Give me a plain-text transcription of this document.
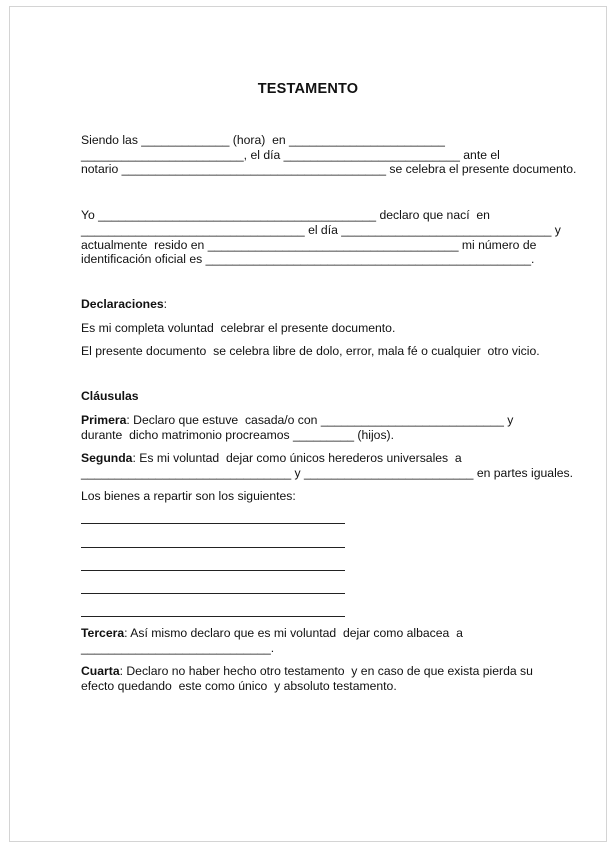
TESTAMENTO
Siendo las _____________ (hora)  en _______________________
________________________, el día __________________________ ante el
notario _______________________________________ se celebra el presente documento.
Yo _________________________________________ declaro que nací  en
_________________________________ el día _______________________________ y
actualmente  resido en _____________________________________ mi número de
identificación oficial es ________________________________________________.
Declaraciones:
Es mi completa voluntad  celebrar el presente documento.
El presente documento  se celebra libre de dolo, error, mala fé o cualquier  otro vicio.
Cláusulas
Primera: Declaro que estuve  casada/o con ___________________________ y
durante  dicho matrimonio procreamos _________ (hijos).
Segunda: Es mi voluntad  dejar como únicos herederos universales  a
_______________________________ y _________________________ en partes iguales.
Los bienes a repartir son los siguientes:
Tercera: Así mismo declaro que es mi voluntad  dejar como albacea  a
____________________________.
Cuarta: Declaro no haber hecho otro testamento  y en caso de que exista pierda su
efecto quedando  este como único  y absoluto testamento.
